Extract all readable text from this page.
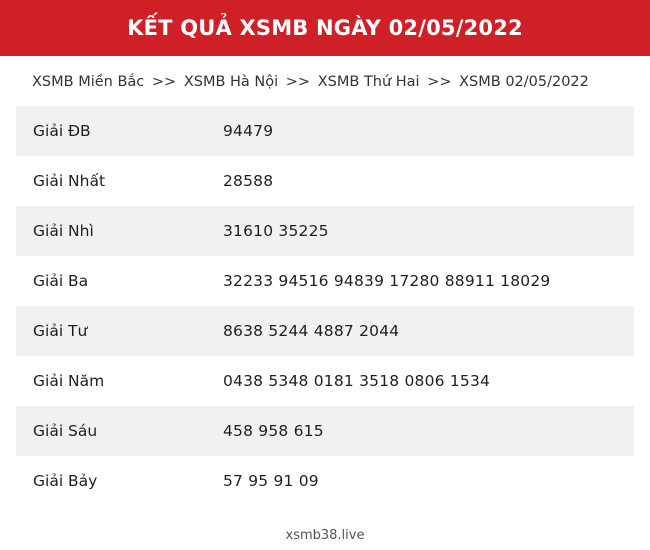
KẾT QUẢ XSMB NGÀY 02/05/2022
XSMB Miền Bắc >> XSMB Hà Nội >> XSMB Thứ Hai >> XSMB 02/05/2022
Giải ĐB	94479
Giải Nhất	28588
Giải Nhì	31610 35225
Giải Ba	32233 94516 94839 17280 88911 18029
Giải Tư	8638 5244 4887 2044
Giải Năm	0438 5348 0181 3518 0806 1534
Giải Sáu	458 958 615
Giải Bảy	57 95 91 09
xsmb38.live
